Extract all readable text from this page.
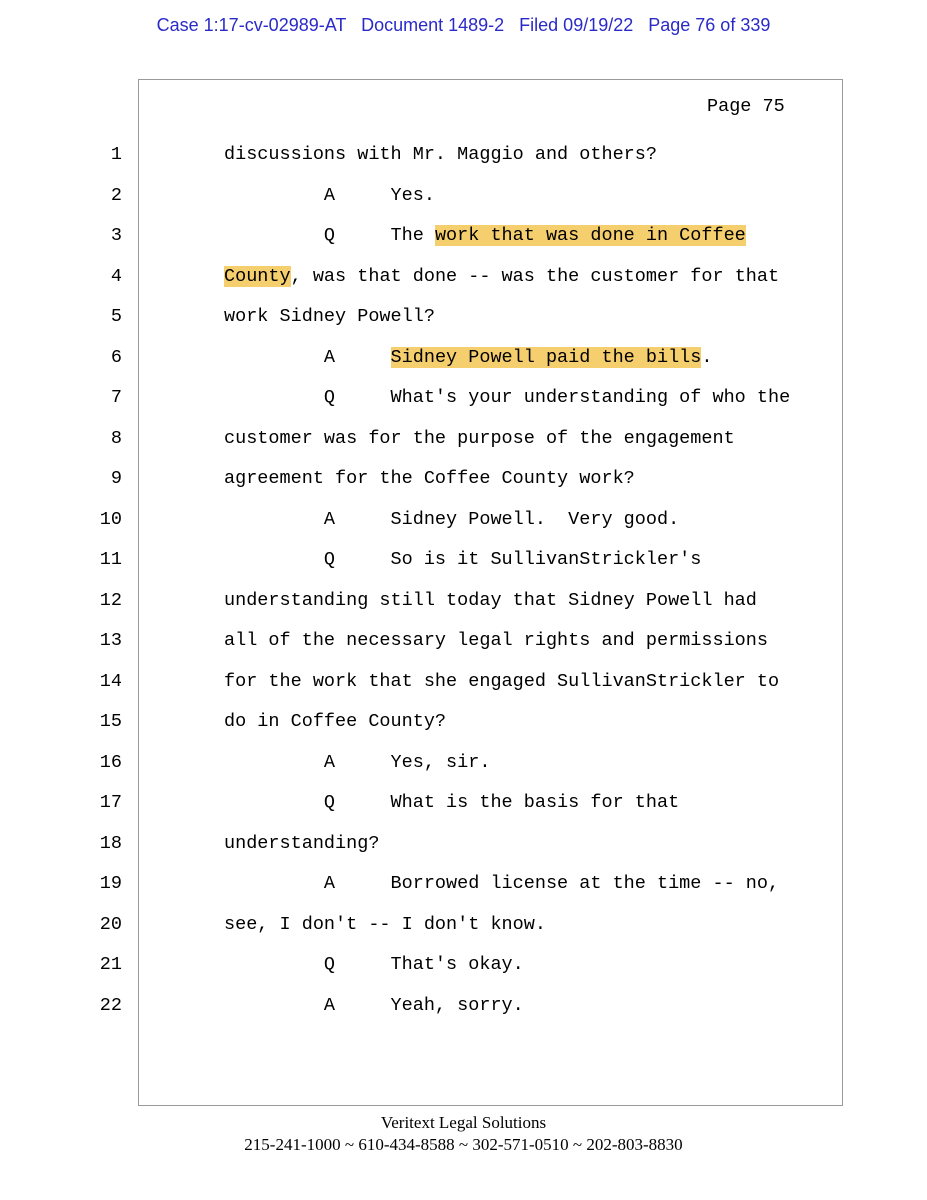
Case 1:17-cv-02989-AT   Document 1489-2   Filed 09/19/22   Page 76 of 339
Page 75
1
2
3
4
5
6
7
8
9
10
11
12
13
14
15
16
17
18
19
20
21
22
discussions with Mr. Maggio and others?
A     Yes.
Q     The work that was done in Coffee
County, was that done -- was the customer for that
work Sidney Powell?
A     Sidney Powell paid the bills.
Q     What's your understanding of who the
customer was for the purpose of the engagement
agreement for the Coffee County work?
A     Sidney Powell.  Very good.
Q     So is it SullivanStrickler's
understanding still today that Sidney Powell had
all of the necessary legal rights and permissions
for the work that she engaged SullivanStrickler to
do in Coffee County?
A     Yes, sir.
Q     What is the basis for that
understanding?
A     Borrowed license at the time -- no,
see, I don't -- I don't know.
Q     That's okay.
A     Yeah, sorry.
Veritext Legal Solutions
215-241-1000 ~ 610-434-8588 ~ 302-571-0510 ~ 202-803-8830
